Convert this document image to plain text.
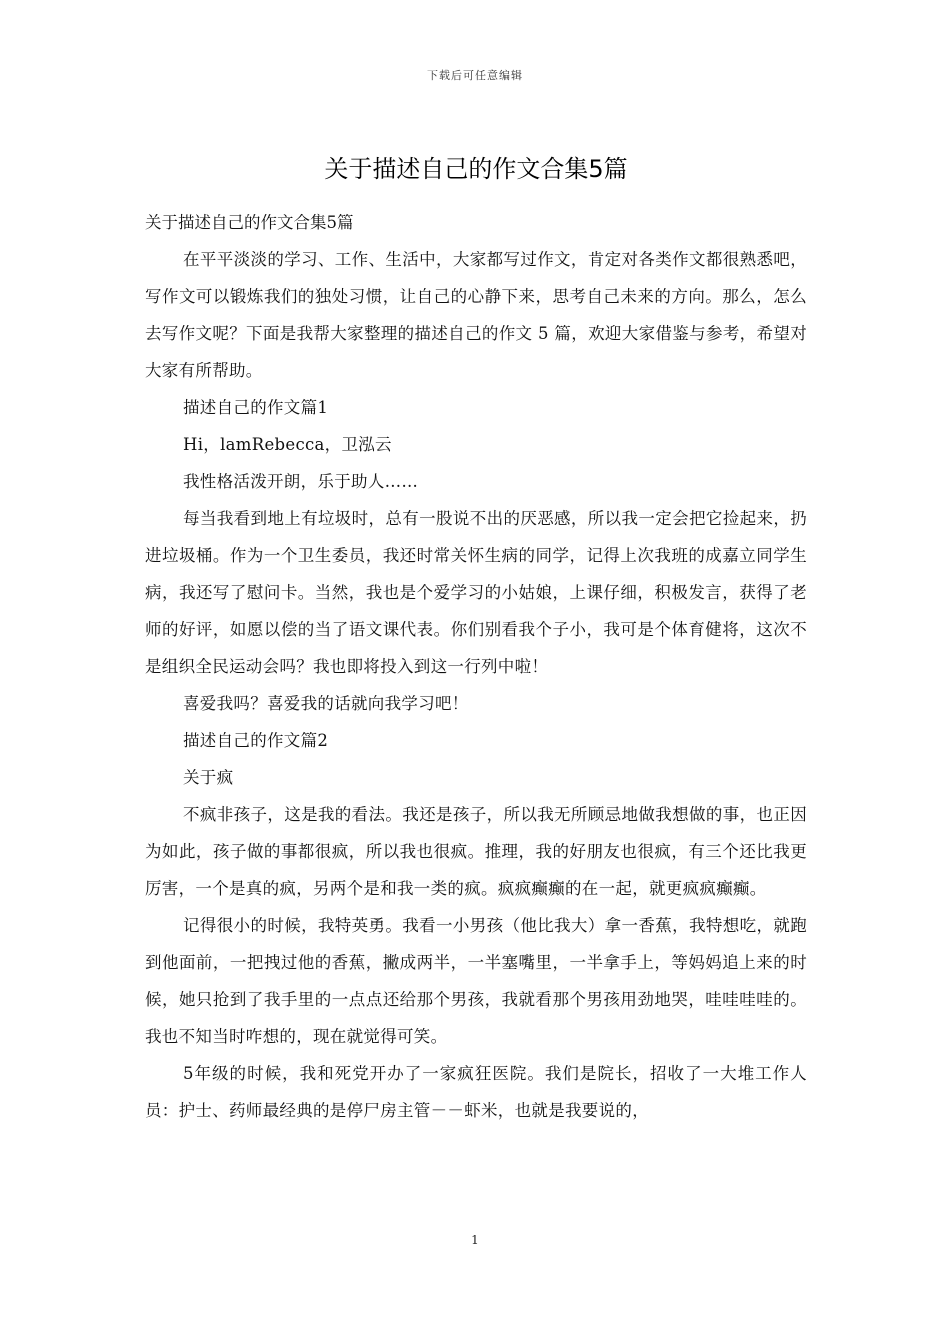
下载后可任意编辑
关于描述自己的作文合集5篇

关于描述自己的作文合集5篇

在平平淡淡的学习、工作、生活中，大家都写过作文，肯定对各类作文都很熟悉吧，写作文可以锻炼我们的独处习惯，让自己的心静下来，思考自己未来的方向。那么，怎么去写作文呢？下面是我帮大家整理的描述自己的作文 5 篇，欢迎大家借鉴与参考，希望对大家有所帮助。

描述自己的作文篇1

Hi，lamRebecca，卫泓云

我性格活泼开朗，乐于助人……

每当我看到地上有垃圾时，总有一股说不出的厌恶感，所以我一定会把它捡起来，扔进垃圾桶。作为一个卫生委员，我还时常关怀生病的同学，记得上次我班的成嘉立同学生病，我还写了慰问卡。当然，我也是个爱学习的小姑娘，上课仔细，积极发言，获得了老师的好评，如愿以偿的当了语文课代表。你们别看我个子小，我可是个体育健将，这次不是组织全民运动会吗？我也即将投入到这一行列中啦！

喜爱我吗？喜爱我的话就向我学习吧！

描述自己的作文篇2

关于疯

不疯非孩子，这是我的看法。我还是孩子，所以我无所顾忌地做我想做的事，也正因为如此，孩子做的事都很疯，所以我也很疯。推理，我的好朋友也很疯，有三个还比我更厉害，一个是真的疯，另两个是和我一类的疯。疯疯癫癫的在一起，就更疯疯癫癫。

记得很小的时候，我特英勇。我看一小男孩（他比我大）拿一香蕉，我特想吃，就跑到他面前，一把拽过他的香蕉，撇成两半，一半塞嘴里，一半拿手上，等妈妈追上来的时候，她只抢到了我手里的一点点还给那个男孩，我就看那个男孩用劲地哭，哇哇哇哇的。我也不知当时咋想的，现在就觉得可笑。

5年级的时候，我和死党开办了一家疯狂医院。我们是院长，招收了一大堆工作人员：护士、药师最经典的是停尸房主管－－虾米，也就是我要说的，

1
